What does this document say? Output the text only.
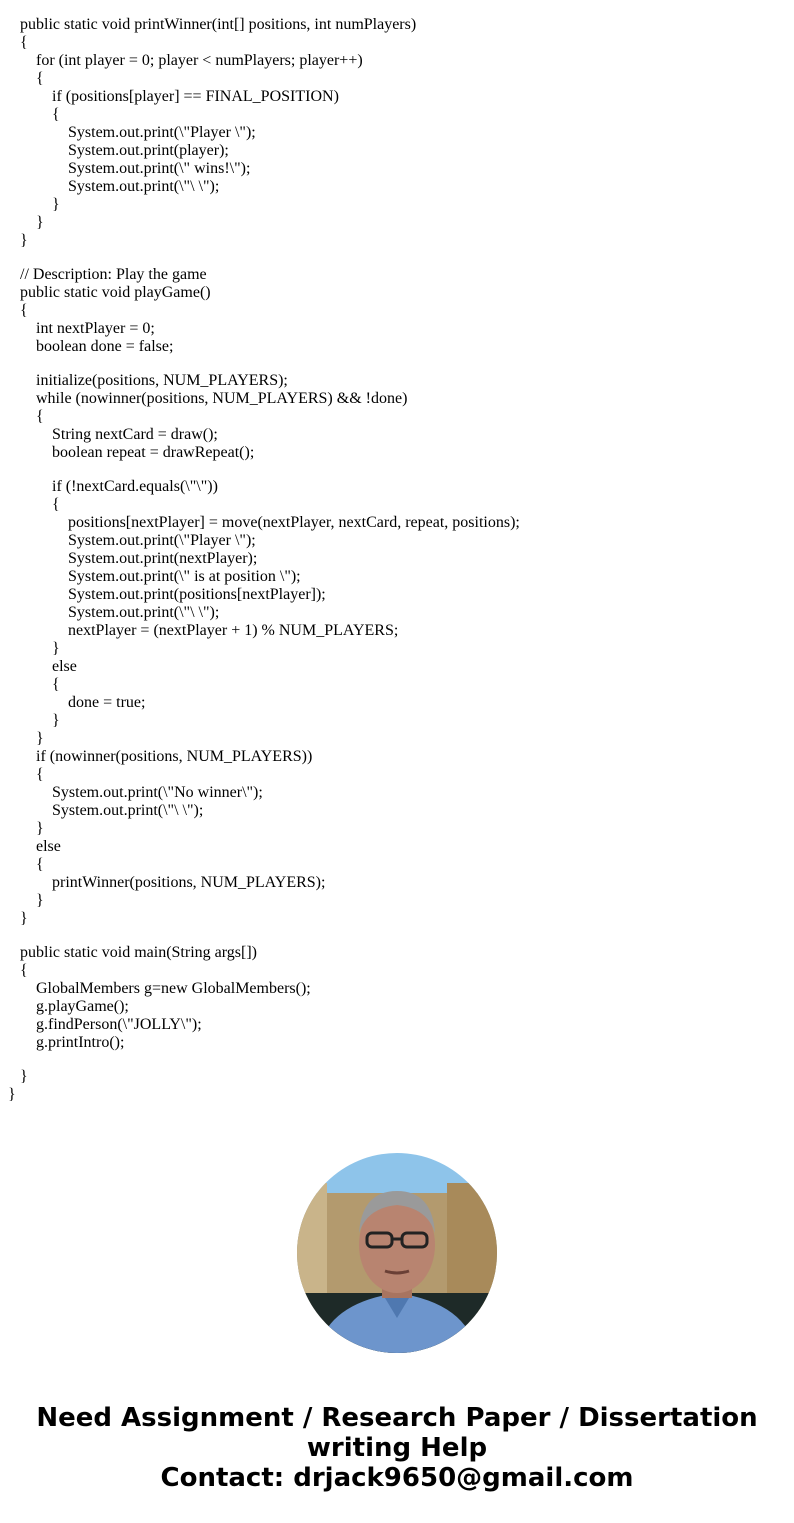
public static void printWinner(int[] positions, int numPlayers)
{
for (int player = 0; player < numPlayers; player++)
{
if (positions[player] == FINAL_POSITION)
{
System.out.print(\"Player \");
System.out.print(player);
System.out.print(\" wins!\");
System.out.print(\"\ \");
}
}
}
// Description: Play the game
public static void playGame()
{
int nextPlayer = 0;
boolean done = false;
initialize(positions, NUM_PLAYERS);
while (nowinner(positions, NUM_PLAYERS) && !done)
{
String nextCard = draw();
boolean repeat = drawRepeat();
if (!nextCard.equals(\"\"))
{
positions[nextPlayer] = move(nextPlayer, nextCard, repeat, positions);
System.out.print(\"Player \");
System.out.print(nextPlayer);
System.out.print(\" is at position \");
System.out.print(positions[nextPlayer]);
System.out.print(\"\ \");
nextPlayer = (nextPlayer + 1) % NUM_PLAYERS;
}
else
{
done = true;
}
}
if (nowinner(positions, NUM_PLAYERS))
{
System.out.print(\"No winner\");
System.out.print(\"\ \");
}
else
{
printWinner(positions, NUM_PLAYERS);
}
}
public static void main(String args[])
{
GlobalMembers g=new GlobalMembers();
g.playGame();
g.findPerson(\"JOLLY\");
g.printIntro();
}
}
Need Assignment / Research Paper / Dissertation
writing Help
Contact: drjack9650@gmail.com
